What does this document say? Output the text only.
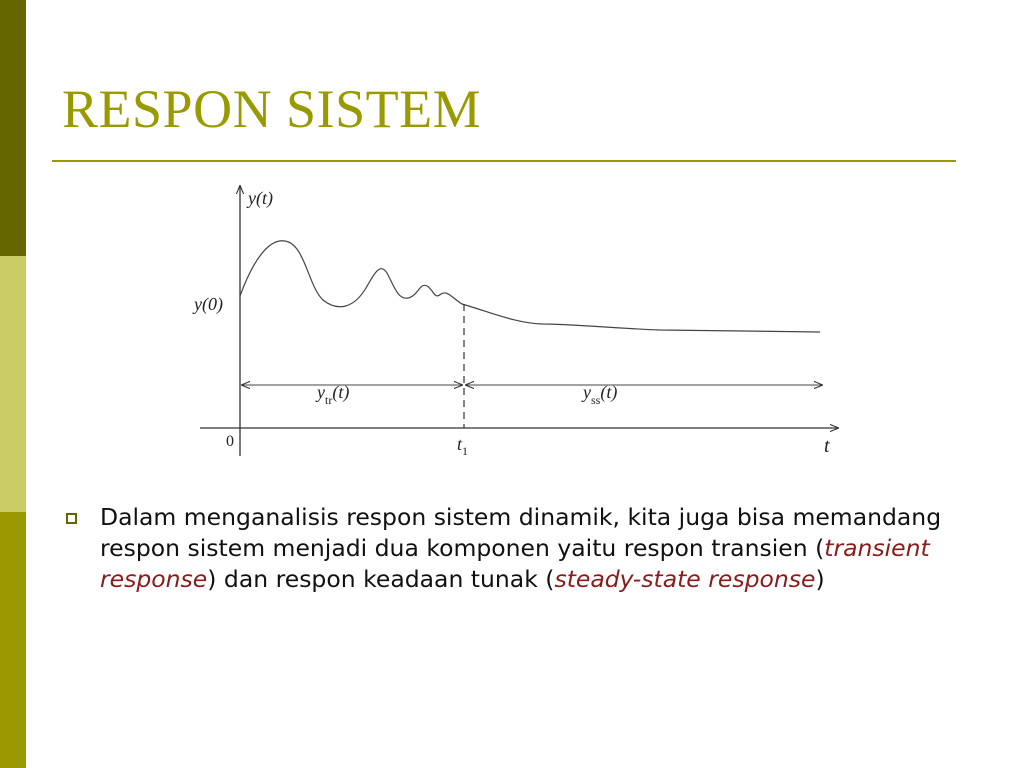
RESPON SISTEM
y(t)
y(0)
0	t
$t_1$
$y_{tr}(t)$	$y_{ss}(t)$

Dalam menganalisis respon sistem dinamik, kita juga bisa memandang respon sistem menjadi dua komponen yaitu respon transien (transient response) dan respon keadaan tunak (steady-state response)
